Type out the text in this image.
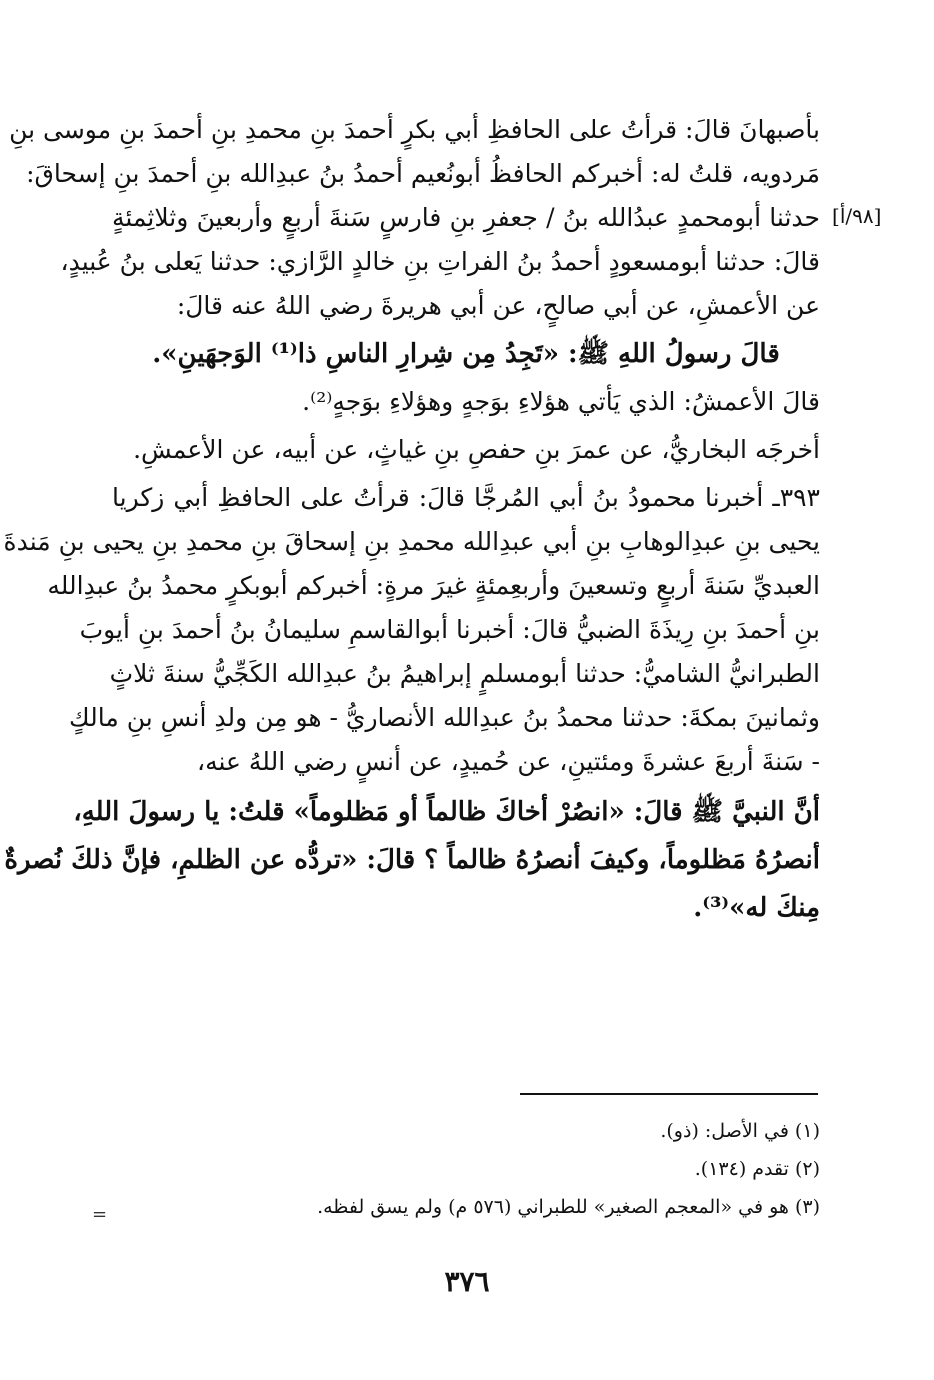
بأصبهانَ قالَ: قرأتُ على الحافظِ أبي بكرٍ أحمدَ بنِ محمدِ بنِ أحمدَ بنِ موسى بنِ
مَردويه، قلتُ له: أخبركم الحافظُ أبونُعيم أحمدُ بنُ عبدِالله بنِ أحمدَ بنِ إسحاقَ:
حدثنا أبومحمدٍ عبدُالله بنُ / جعفرِ بنِ فارسٍ سَنةَ أربعٍ وأربعينَ وثلاثِمئةٍ [٩٨/أ]
قالَ: حدثنا أبومسعودٍ أحمدُ بنُ الفراتِ بنِ خالدٍ الرَّازي: حدثنا يَعلى بنُ عُبيدٍ،
عن الأعمشِ، عن أبي صالحٍ، عن أبي هريرةَ رضي اللهُ عنه قالَ:
قالَ رسولُ اللهِ ﷺ: «تَجِدُ مِن شِرارِ الناسِ ذا⁽¹⁾ الوَجهَينِ».
قالَ الأعمشُ: الذي يَأتي هؤلاءِ بوَجهٍ وهؤلاءِ بوَجهٍ⁽²⁾.
أخرجَه البخاريُّ، عن عمرَ بنِ حفصِ بنِ غياثٍ، عن أبيه، عن الأعمشِ.
٣٩٣ـ أخبرنا محمودُ بنُ أبي المُرجَّا قالَ: قرأتُ على الحافظِ أبي زكريا
يحيى بنِ عبدِالوهابِ بنِ أبي عبدِالله محمدِ بنِ إسحاقَ بنِ محمدِ بنِ يحيى بنِ مَندةَ
العبديِّ سَنةَ أربعٍ وتسعينَ وأربعِمئةٍ غيرَ مرةٍ: أخبركم أبوبكرٍ محمدُ بنُ عبدِالله
بنِ أحمدَ بنِ رِيذَةَ الضبيُّ قالَ: أخبرنا أبوالقاسمِ سليمانُ بنُ أحمدَ بنِ أيوبَ
الطبرانيُّ الشاميُّ: حدثنا أبومسلمٍ إبراهيمُ بنُ عبدِالله الكَجِّيُّ سنةَ ثلاثٍ
وثمانينَ بمكةَ: حدثنا محمدُ بنُ عبدِالله الأنصاريُّ - هو مِن ولدِ أنسِ بنِ مالكٍ
- سَنةَ أربعَ عشرةَ ومئتينِ، عن حُميدٍ، عن أنسٍ رضي اللهُ عنه،
أنَّ النبيَّ ﷺ قالَ: «انصُرْ أخاكَ ظالماً أو مَظلوماً» قلتُ: يا رسولَ اللهِ،
أنصرُهُ مَظلوماً، وكيفَ أنصرُهُ ظالماً ؟ قالَ: «تردُّه عن الظلمِ، فإنَّ ذلكَ نُصرةٌ
مِنكَ له»⁽³⁾.
(١) في الأصل: (ذو).
(٢) تقدم (١٣٤).
(٣) هو في «المعجم الصغير» للطبراني (٥٧٦ م) ولم يسق لفظه.
=
٣٧٦
